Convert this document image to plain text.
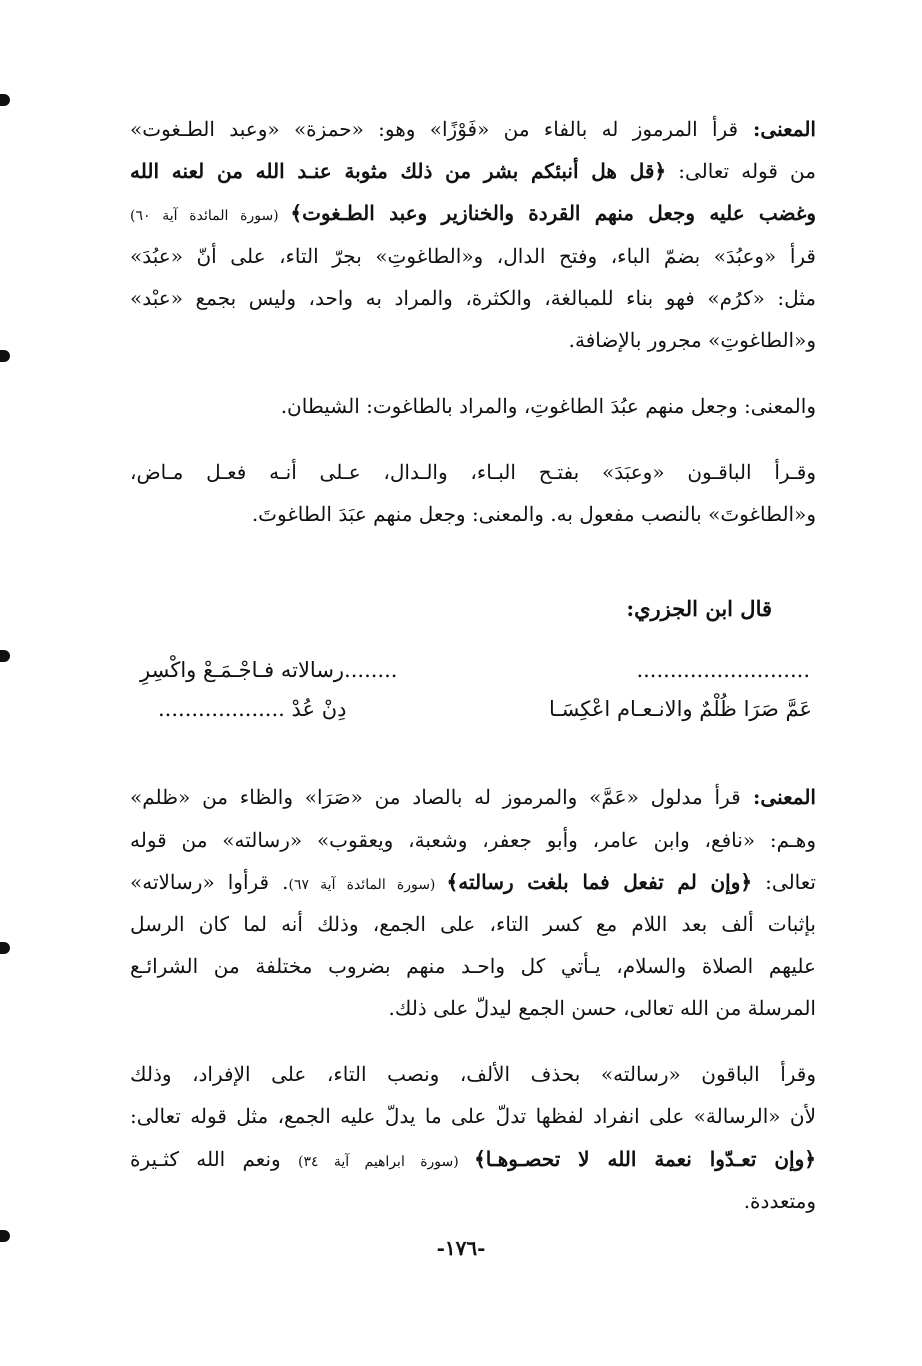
المعنى: قرأ المرموز له بالفاء من «فَوْزًا» وهو: «حمزة» «وعبد الطـغوت»
من قوله تعالى: ﴿قل هل أنبئكم بشر من ذلك مثوبة عنـد الله من لعنه الله
وغضب عليه وجعل منهم القردة والخنازير وعبد الطـغوت﴾ (سورة المائدة آية ٦٠)
قرأ «وعبُدَ» بضمّ الباء، وفتح الدال، و«الطاغوتِ» بجرّ التاء، على أنّ «عبُدَ»
مثل: «كرُم» فهو بناء للمبالغة، والكثرة، والمراد به واحد، وليس بجمع «عبْد»
و«الطاغوتِ» مجرور بالإضافة.
والمعنى: وجعل منهم عبُدَ الطاغوتِ، والمراد بالطاغوت: الشيطان.
وقـرأ الباقـون «وعبَدَ» بفتـح البـاء، والـدال، عـلى أنـه فعـل مـاض،
و«الطاغوتَ» بالنصب مفعول به. والمعنى: وجعل منهم عبَدَ الطاغوتَ.
المعنى: قرأ مدلول «عَمَّ» والمرموز له بالصاد من «صَرَا» والظاء من «ظلم»
وهـم: «نافع، وابن عامر، وأبو جعفر، وشعبة، ويعقوب» «رسالته» من قوله
تعالى: ﴿وإن لم تفعل فما بلغت رسالته﴾ (سورة المائدة آية ٦٧). قرأوا «رسالاته»
بإثبات ألف بعد اللام مع كسر التاء، على الجمع، وذلك أنه لما كان الرسل
عليهم الصلاة والسلام، يـأتي كل واحـد منهم بضروب مختلفة من الشرائـع
المرسلة من الله تعالى، حسن الجمع ليدلّ على ذلك.
وقرأ الباقون «رسالته» بحذف الألف، ونصب التاء، على الإفراد، وذلك
لأن «الرسالة» على انفراد لفظها تدلّ على ما يدلّ عليه الجمع، مثل قوله تعالى:
﴿وإن تعـدّوا نعمة الله لا تحصـوهـا﴾ (سورة ابراهيم آية ٣٤) ونعم الله كثـيرة
ومتعددة.
قال ابن الجزري:
..........................
........رسالاته فـاجْـمَـعْ واكْسِرِ
عَمَّ صَرَا ظُلْمٌ والانـعـام اعْكِسَـا
دِنْ عُدْ ...................
-١٧٦-
